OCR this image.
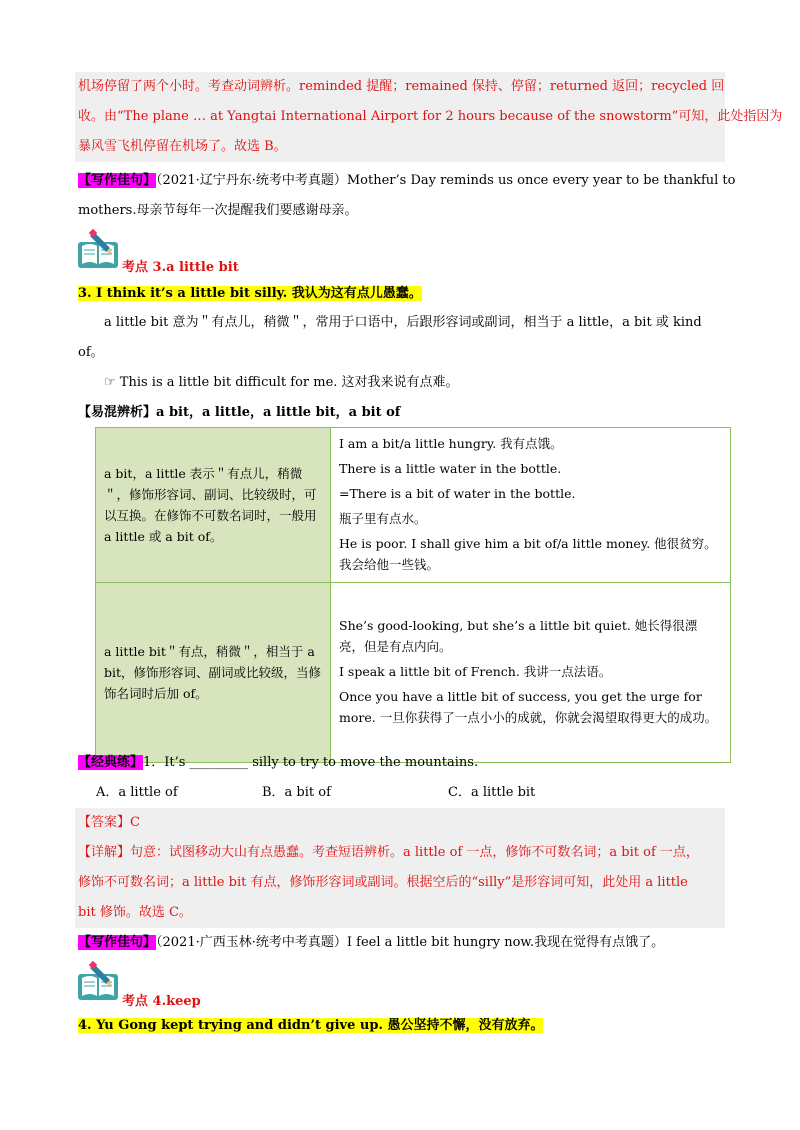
机场停留了两个小时。考查动词辨析。reminded 提醒；remained 保持、停留；returned 返回；recycled 回
收。由“The plane … at Yangtai International Airport for 2 hours because of the snowstorm”可知，此处指因为
暴风雪飞机停留在机场了。故选 B。
【写作佳句】（2021·辽宁丹东·统考中考真题）Mother’s Day reminds us once every year to be thankful to
mothers.母亲节每年一次提醒我们要感谢母亲。
考点 3.a little bit
3. I think it’s a little bit silly. 我认为这有点儿愚蠢。
a little bit 意为＂有点儿，稍微＂，常用于口语中，后跟形容词或副词，相当于 a little，a bit 或 kind
of。
☞ This is a little bit difficult for me. 这对我来说有点难。
【易混辨析】a bit，a little，a little bit，a bit of
a bit，a little 表示＂有点儿，稍微＂，修饰形容词、副词、比较级时，可以互换。在修饰不可数名词时，一般用 a little 或 a bit of。	I am a bit/a little hungry. 我有点饿。

There is a little water in the bottle.

=There is a bit of water in the bottle.

瓶子里有点水。

He is poor. I shall give him a bit of/a little money. 他很贫穷。我会给他一些钱。

a little bit＂有点，稍微＂，相当于 a bit，修饰形容词、副词或比较级，当修饰名词时后加 of。	She’s good-looking, but she’s a little bit quiet. 她长得很漂亮，但是有点内向。

I speak a little bit of French. 我讲一点法语。

Once you have a little bit of success, you get the urge for more. 一旦你获得了一点小小的成就，你就会渴望取得更大的成功。

【经典练】1．It’s _________ silly to try to move the mountains.
A．a little of	B．a bit of	C．a little bit
【答案】C
【详解】句意：试图移动大山有点愚蠢。考查短语辨析。a little of 一点，修饰不可数名词；a bit of 一点，
修饰不可数名词；a little bit 有点，修饰形容词或副词。根据空后的“silly”是形容词可知，此处用 a little
bit 修饰。故选 C。
【写作佳句】（2021·广西玉林·统考中考真题）I feel a little bit hungry now.我现在觉得有点饿了。
考点 4.keep
4. Yu Gong kept trying and didn’t give up. 愚公坚持不懈，没有放弃。
